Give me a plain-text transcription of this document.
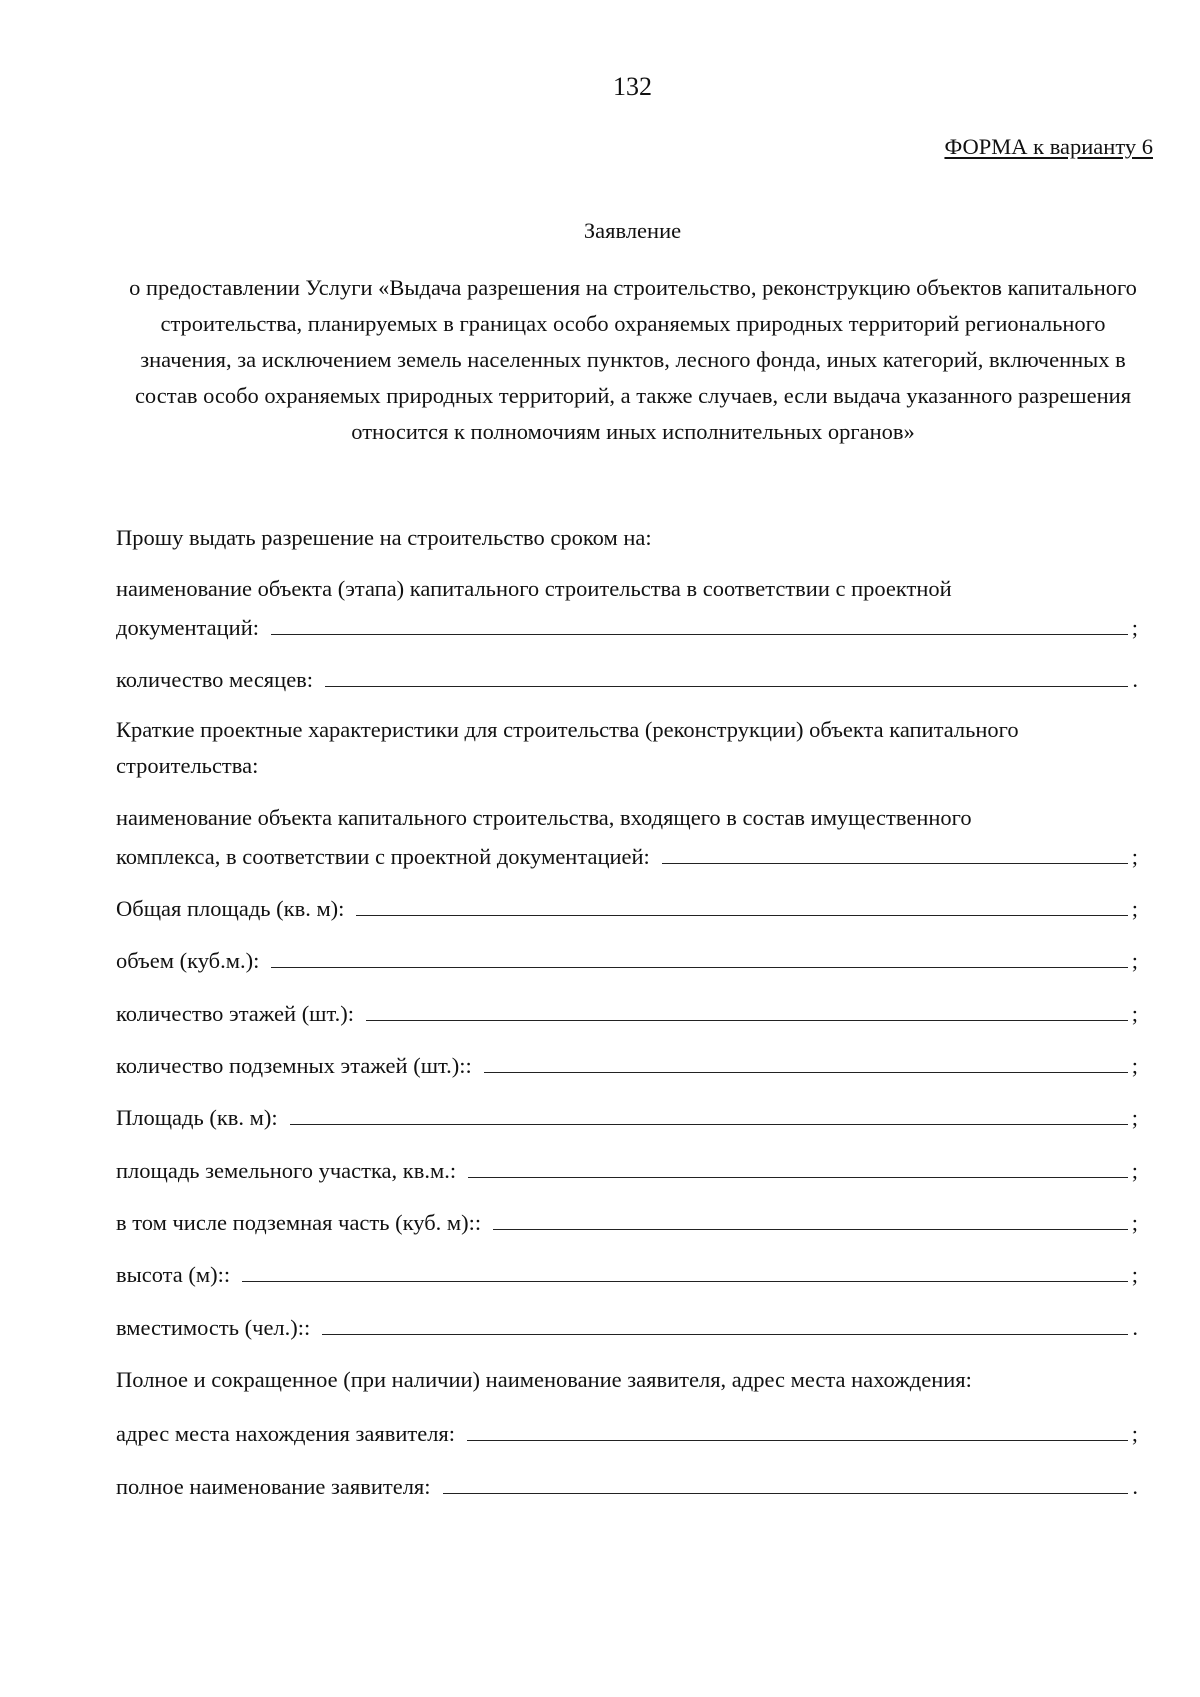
132
ФОРМА к варианту 6
Заявление
о предоставлении Услуги «Выдача разрешения на строительство, реконструкцию объектов капитального строительства, планируемых в границах особо охраняемых природных территорий регионального значения, за исключением земель населенных пунктов, лесного фонда, иных категорий, включенных в состав особо охраняемых природных территорий, а также случаев, если выдача указанного разрешения относится к полномочиям иных исполнительных органов»
Прошу выдать разрешение на строительство сроком на:
наименование объекта (этапа) капитального строительства в соответствии с проектной
документаций:	;
количество месяцев:	.
Краткие проектные характеристики для строительства (реконструкции) объекта капитального строительства:
наименование объекта капитального строительства, входящего в состав имущественного
комплекса, в соответствии с проектной документацией:	;
Общая площадь (кв. м):	;
объем (куб.м.):	;
количество этажей (шт.):	;
количество подземных этажей (шт.)::	;
Площадь (кв. м):	;
площадь земельного участка, кв.м.:	;
в том числе подземная часть (куб. м)::	;
высота (м)::	;
вместимость (чел.)::	.
Полное и сокращенное (при наличии) наименование заявителя, адрес места нахождения:
адрес места нахождения заявителя:	;
полное наименование заявителя:	.
